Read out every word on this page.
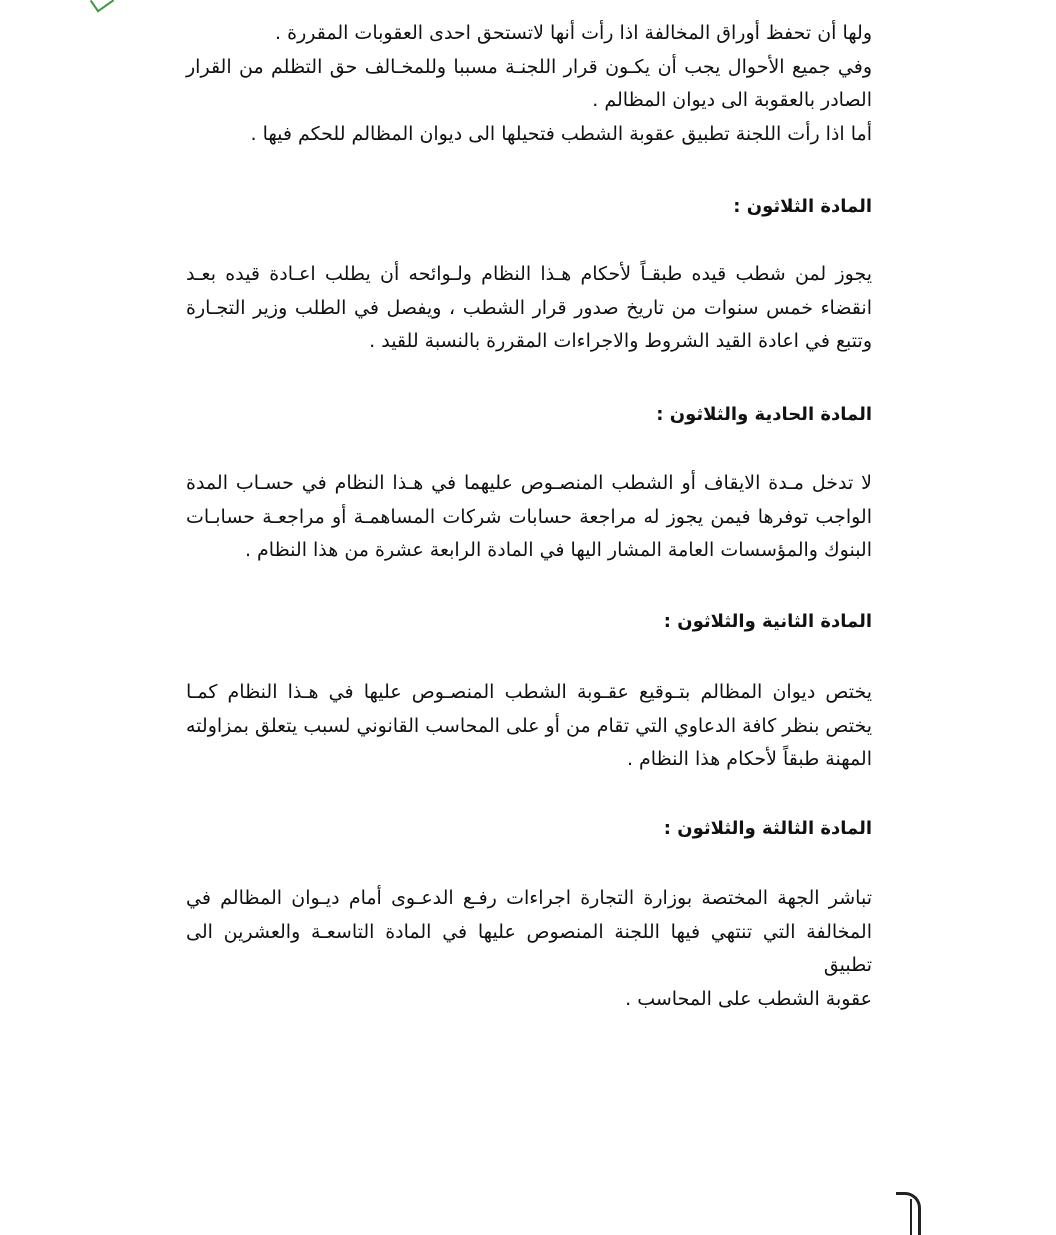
ولها أن تحفظ أوراق المخالفة اذا رأت أنها لاتستحق احدى العقوبات المقررة .
وفي جميع الأحوال يجب أن يكـون قرار اللجنـة مسببا وللمخـالف حق التظلم من القرار
الصادر بالعقوبة الى ديوان المظالم .
أما اذا رأت اللجنة تطبيق عقوبة الشطب فتحيلها الى ديوان المظالم للحكم فيها .
المادة الثلاثون :
يجوز لمن شطب قيده طبقـاً لأحكام هـذا النظام ولـوائحه أن يطلب اعـادة قيده بعـد
انقضاء خمس سنوات من تاريخ صدور قرار الشطب ، ويفصل في الطلب وزير التجـارة
وتتبع في اعادة القيد الشروط والاجراءات المقررة بالنسبة للقيد .
المادة الحادية والثلاثون :
لا تدخل مـدة الايقاف أو الشطب المنصـوص عليهما في هـذا النظام في حسـاب المدة
الواجب توفرها فيمن يجوز له مراجعة حسابات شركات المساهمـة أو مراجعـة حسابـات
البنوك والمؤسسات العامة المشار اليها في المادة الرابعة عشرة من هذا النظام .
المادة الثانية والثلاثون :
يختص ديوان المظالم بتـوقيع عقـوبة الشطب المنصـوص عليها في هـذا النظام كمـا
يختص بنظر كافة الدعاوي التي تقام من أو على المحاسب القانوني لسبب يتعلق بمزاولته
المهنة طبقاً لأحكام هذا النظام .
المادة الثالثة والثلاثون :
تباشر الجهة المختصة بوزارة التجارة اجراءات رفـع الدعـوى أمام ديـوان المظالم في
المخالفة التي تنتهي فيها اللجنة المنصوص عليها في المادة التاسعـة والعشرين الى تطبيق
عقوبة الشطب على المحاسب .
